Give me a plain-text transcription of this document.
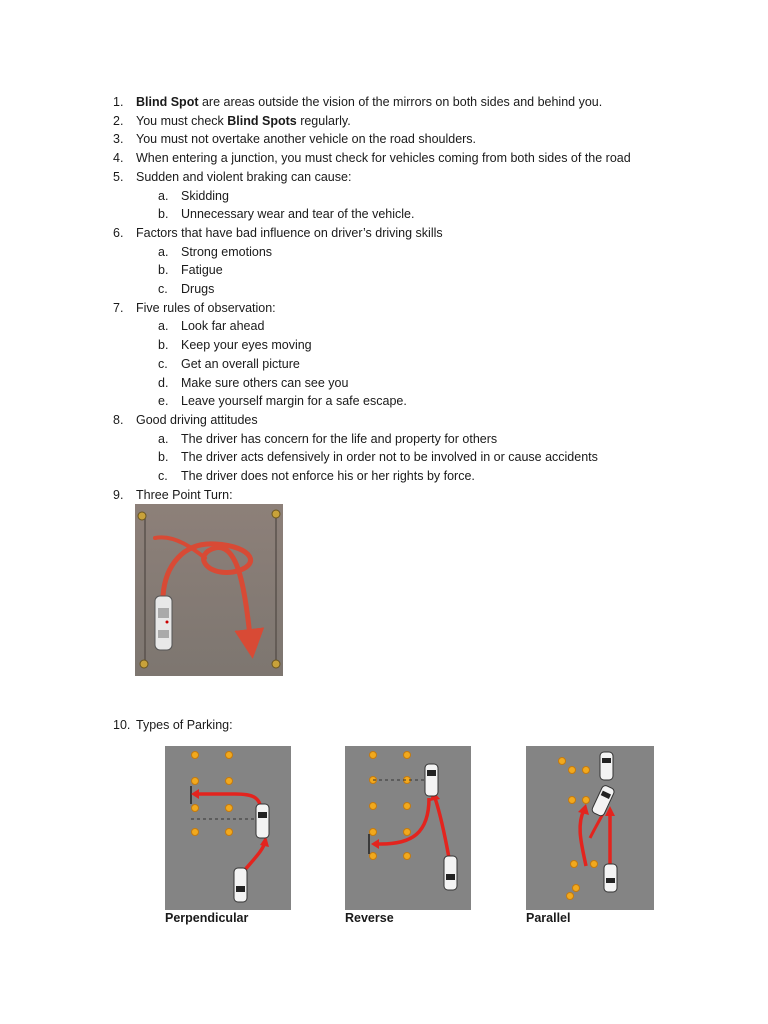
1. Blind Spot are areas outside the vision of the mirrors on both sides and behind you.
2. You must check Blind Spots regularly.
3. You must not overtake another vehicle on the road shoulders.
4. When entering a junction, you must check for vehicles coming from both sides of the road
5. Sudden and violent braking can cause:
a. Skidding
b. Unnecessary wear and tear of the vehicle.
6. Factors that have bad influence on driver’s driving skills
a. Strong emotions
b. Fatigue
c. Drugs
7. Five rules of observation:
a. Look far ahead
b. Keep your eyes moving
c. Get an overall picture
d. Make sure others can see you
e. Leave yourself margin for a safe escape.
8. Good driving attitudes
a. The driver has concern for the life and property for others
b. The driver acts defensively in order not to be involved in or cause accidents
c. The driver does not enforce his or her rights by force.
9. Three Point Turn:
10. Types of Parking:
Perpendicular	Reverse	Parallel
